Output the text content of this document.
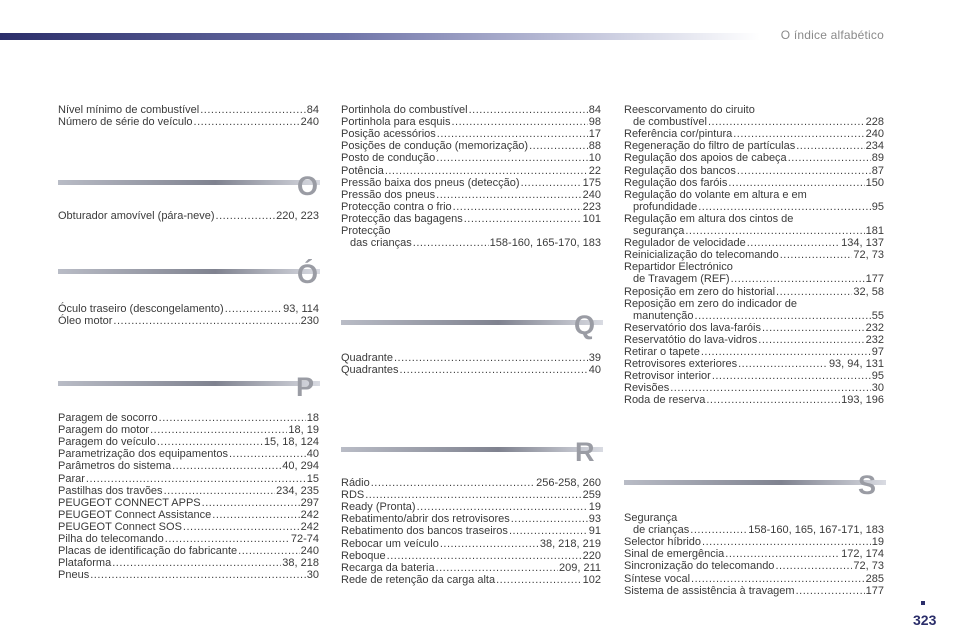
O índice alfabético
Nível mínimo de combustível .....	84
Número de série do veículo .....	240
O
Obturador amovível (pára-neve) .....	220, 223
Ó
Óculo traseiro (descongelamento) .....	93, 114
Óleo motor .....	230
P
Paragem de socorro .....	18
Paragem do motor .....	18, 19
Paragem do veículo .....	15, 18, 124
Parametrização dos equipamentos .....	40
Parâmetros do sistema .....	40, 294
Parar .....	15
Pastilhas dos travões .....	234, 235
PEUGEOT CONNECT APPS .....	297
PEUGEOT Connect Assistance .....	242
PEUGEOT Connect SOS .....	242
Pilha do telecomando .....	72-74
Placas de identificação do fabricante .....	240
Plataforma .....	38, 218
Pneus .....	30
Portinhola do combustível .....	84
Portinhola para esquis .....	98
Posição acessórios .....	17
Posições de condução (memorização) .....	88
Posto de condução .....	10
Potência .....	22
Pressão baixa dos pneus (detecção) .....	175
Pressão dos pneus .....	240
Protecção contra o frio .....	223
Protecção das bagagens .....	101
Protecção
das crianças .....	158-160, 165-170, 183
Q
Quadrante .....	39
Quadrantes .....	40
R
Rádio .....	256-258, 260
RDS .....	259
Ready (Pronta) .....	19
Rebatimento/abrir dos retrovisores .....	93
Rebatimento dos bancos traseiros .....	91
Rebocar um veículo .....	38, 218, 219
Reboque .....	220
Recarga da bateria .....	209, 211
Rede de retenção da carga alta .....	102
Reescorvamento do ciruito
de combustível .....	228
Referência cor/pintura .....	240
Regeneração do filtro de partículas .....	234
Regulação dos apoios de cabeça .....	89
Regulação dos bancos .....	87
Regulação dos faróis .....	150
Regulação do volante em altura e em
profundidade .....	95
Regulação em altura dos cintos de
segurança .....	181
Regulador de velocidade .....	134, 137
Reinicialização do telecomando .....	72, 73
Repartidor Electrónico
de Travagem (REF) .....	177
Reposição em zero do historial .....	32, 58
Reposição em zero do indicador de
manutenção .....	55
Reservatório dos lava-faróis .....	232
Reservatótio do lava-vidros .....	232
Retirar o tapete .....	97
Retrovisores exteriores .....	93, 94, 131
Retrovisor interior .....	95
Revisões .....	30
Roda de reserva .....	193, 196
S
Segurança
de crianças .....	158-160, 165, 167-171, 183
Selector híbrido .....	19
Sinal de emergência .....	172, 174
Sincronização do telecomando .....	72, 73
Síntese vocal .....	285
Sistema de assistência à travagem .....	177
323
